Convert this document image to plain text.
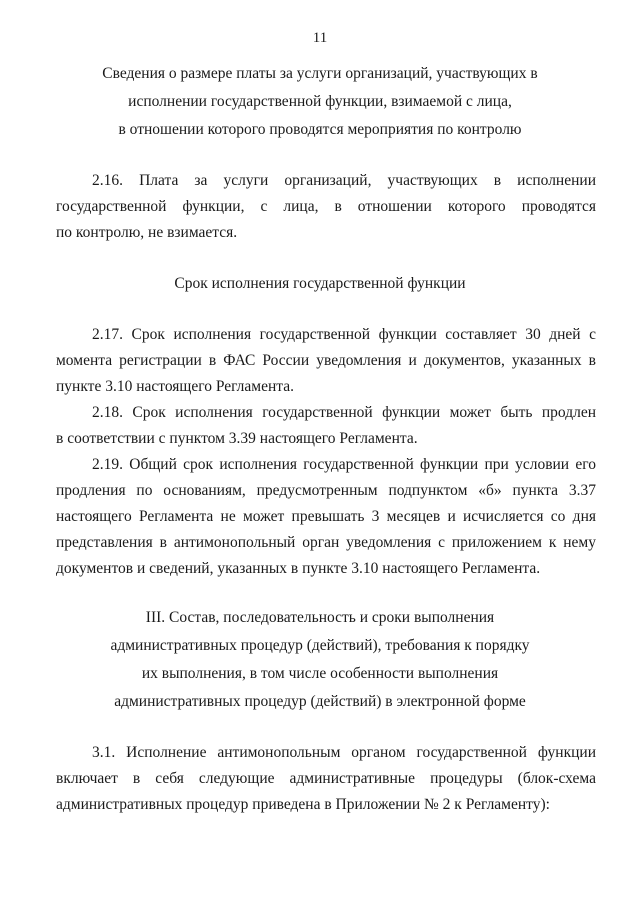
11
Сведения о размере платы за услуги организаций, участвующих в
исполнении государственной функции, взимаемой с лица,
в отношении которого проводятся мероприятия по контролю
2.16. Плата за услуги организаций, участвующих в исполнении
государственной функции, с лица, в отношении которого проводятся
по контролю, не взимается.
Срок исполнения государственной функции
2.17. Срок исполнения государственной функции составляет 30 дней с
момента регистрации в ФАС России уведомления и документов, указанных в
пункте 3.10 настоящего Регламента.
2.18. Срок исполнения государственной функции может быть продлен
в соответствии с пунктом 3.39 настоящего Регламента.
2.19. Общий срок исполнения государственной функции при условии его
продления по основаниям, предусмотренным подпунктом «б» пункта 3.37
настоящего Регламента не может превышать 3 месяцев и исчисляется со дня
представления в антимонопольный орган уведомления с приложением к нему
документов и сведений, указанных в пункте 3.10 настоящего Регламента.
III. Состав, последовательность и сроки выполнения
административных процедур (действий), требования к порядку
их выполнения, в том числе особенности выполнения
административных процедур (действий) в электронной форме
3.1. Исполнение антимонопольным органом государственной функции
включает в себя следующие административные процедуры (блок-схема
административных процедур приведена в Приложении № 2 к Регламенту):
